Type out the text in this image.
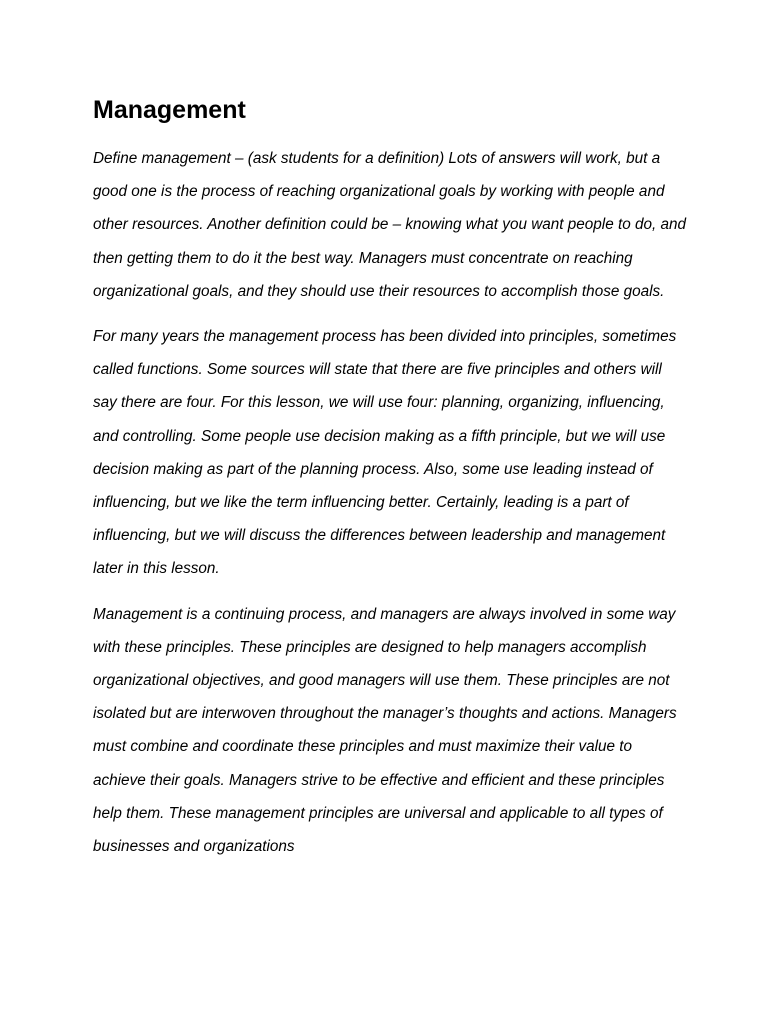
Management

Define management – (ask students for a definition) Lots of answers will work, but a good one is the process of reaching organizational goals by working with people and other resources. Another definition could be – knowing what you want people to do, and then getting them to do it the best way. Managers must concentrate on reaching organizational goals, and they should use their resources to accomplish those goals.

For many years the management process has been divided into principles, sometimes called functions. Some sources will state that there are five principles and others will say there are four. For this lesson, we will use four: planning, organizing, influencing, and controlling. Some people use decision making as a fifth principle, but we will use decision making as part of the planning process. Also, some use leading instead of influencing, but we like the term influencing better. Certainly, leading is a part of influencing, but we will discuss the differences between leadership and management later in this lesson.

Management is a continuing process, and managers are always involved in some way with these principles. These principles are designed to help managers accomplish organizational objectives, and good managers will use them. These principles are not isolated but are interwoven throughout the manager’s thoughts and actions. Managers must combine and coordinate these principles and must maximize their value to achieve their goals. Managers strive to be effective and efficient and these principles help them. These management principles are universal and applicable to all types of businesses and organizations
